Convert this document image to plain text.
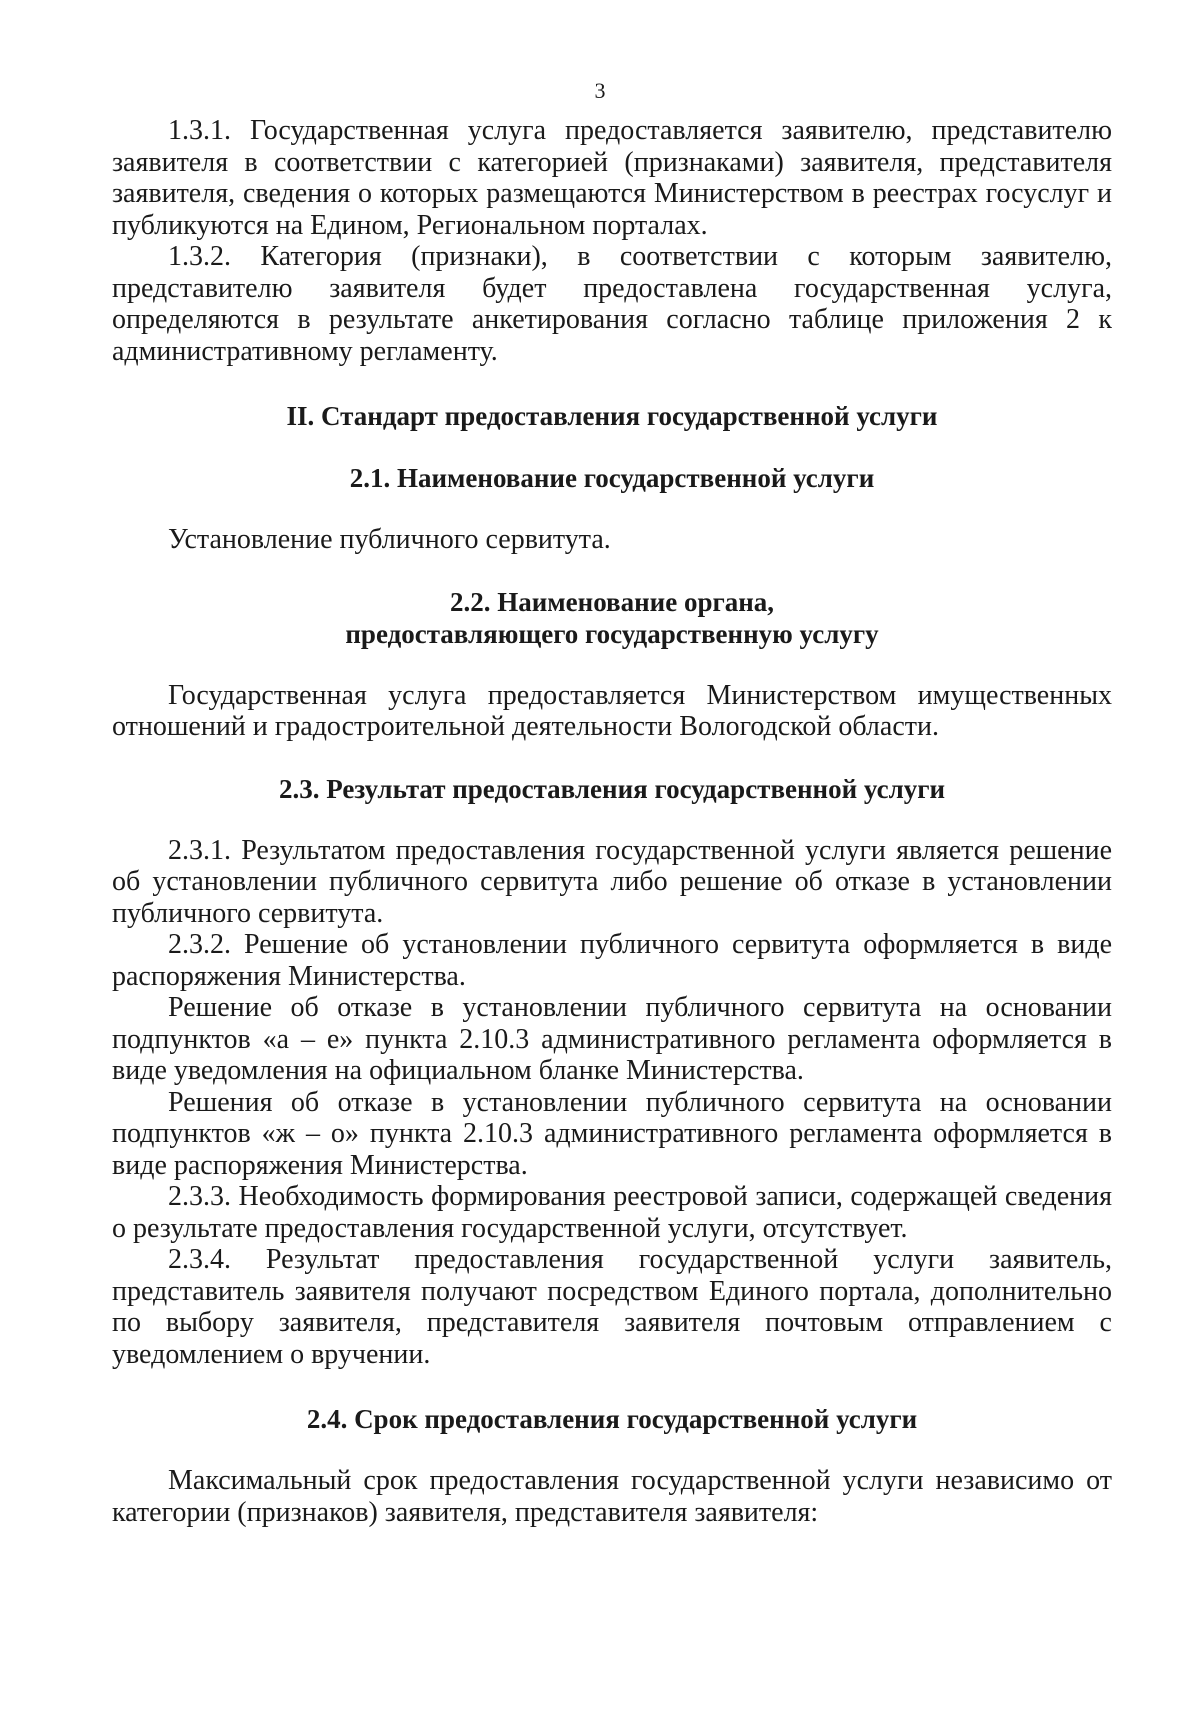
3

1.3.1. Государственная услуга предоставляется заявителю, представителю заявителя в соответствии с категорией (признаками) заявителя, представителя заявителя, сведения о которых размещаются Министерством в реестрах госуслуг и публикуются на Едином, Региональном порталах.

1.3.2. Категория (признаки), в соответствии с которым заявителю, представителю заявителя будет предоставлена государственная услуга, определяются в результате анкетирования согласно таблице приложения 2 к административному регламенту.

II. Стандарт предоставления государственной услуги
2.1. Наименование государственной услуги

Установление публичного сервитута.

2.2. Наименование органа,
предоставляющего государственную услугу

Государственная услуга предоставляется Министерством имущественных отношений и градостроительной деятельности Вологодской области.

2.3. Результат предоставления государственной услуги

2.3.1. Результатом предоставления государственной услуги является решение об установлении публичного сервитута либо решение об отказе в установлении публичного сервитута.

2.3.2. Решение об установлении публичного сервитута оформляется в виде распоряжения Министерства.

Решение об отказе в установлении публичного сервитута на основании подпунктов «а – е» пункта 2.10.3 административного регламента оформляется в виде уведомления на официальном бланке Министерства.

Решения об отказе в установлении публичного сервитута на основании подпунктов «ж – о» пункта 2.10.3 административного регламента оформляется в виде распоряжения Министерства.

2.3.3. Необходимость формирования реестровой записи, содержащей сведения о результате предоставления государственной услуги, отсутствует.

2.3.4. Результат предоставления государственной услуги заявитель, представитель заявителя получают посредством Единого портала, дополнительно по выбору заявителя, представителя заявителя почтовым отправлением с уведомлением о вручении.

2.4. Срок предоставления государственной услуги

Максимальный срок предоставления государственной услуги независимо от категории (признаков) заявителя, представителя заявителя:
